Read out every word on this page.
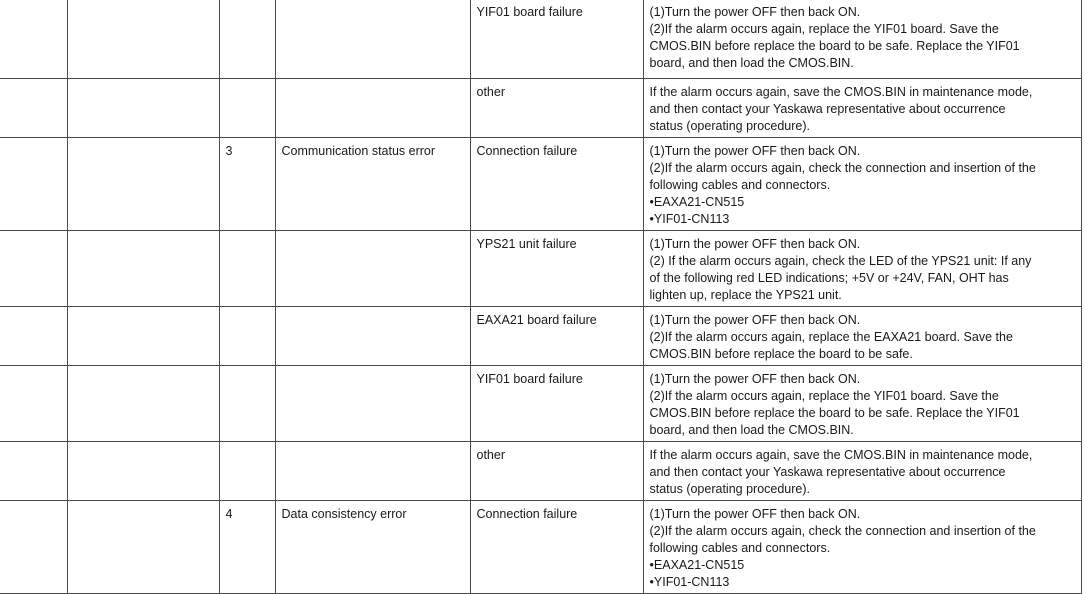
				YIF01 board failure	(1)Turn the power OFF then back ON.
(2)If the alarm occurs again, replace the YIF01 board. Save the
CMOS.BIN before replace the board to be safe. Replace the YIF01
board, and then load the CMOS.BIN.

				other	If the alarm occurs again, save the CMOS.BIN in maintenance mode,
and then contact your Yaskawa representative about occurrence
status (operating procedure).

		3	Communication status error	Connection failure	(1)Turn the power OFF then back ON.
(2)If the alarm occurs again, check the connection and insertion of the
following cables and connectors.
• EAXA21-CN515
• YIF01-CN113

				YPS21 unit failure	(1)Turn the power OFF then back ON.
(2) If the alarm occurs again, check the LED of the YPS21 unit: If any
of the following red LED indications; +5V or +24V, FAN, OHT has
lighten up, replace the YPS21 unit.

				EAXA21 board failure	(1)Turn the power OFF then back ON.
(2)If the alarm occurs again, replace the EAXA21 board. Save the
CMOS.BIN before replace the board to be safe.

				YIF01 board failure	(1)Turn the power OFF then back ON.
(2)If the alarm occurs again, replace the YIF01 board. Save the
CMOS.BIN before replace the board to be safe. Replace the YIF01
board, and then load the CMOS.BIN.

				other	If the alarm occurs again, save the CMOS.BIN in maintenance mode,
and then contact your Yaskawa representative about occurrence
status (operating procedure).

		4	Data consistency error	Connection failure	(1)Turn the power OFF then back ON.
(2)If the alarm occurs again, check the connection and insertion of the
following cables and connectors.
• EAXA21-CN515
• YIF01-CN113
